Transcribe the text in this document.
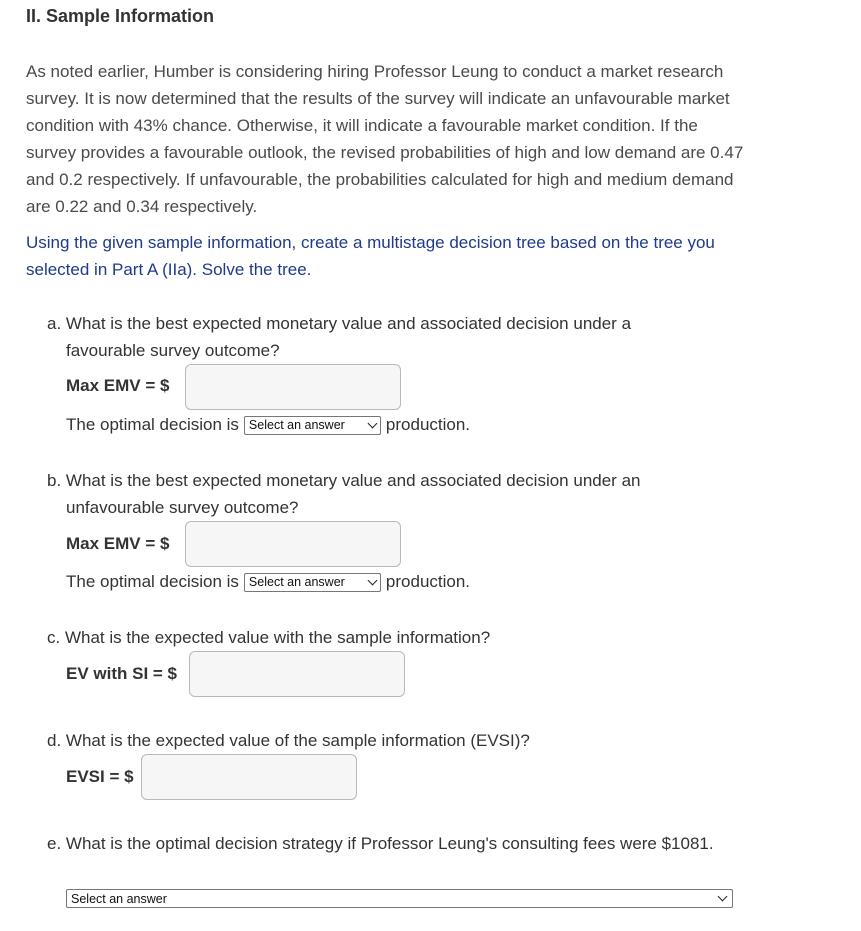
II. Sample Information
As noted earlier, Humber is considering hiring Professor Leung to conduct a market research survey. It is now determined that the results of the survey will indicate an unfavourable market condition with 43% chance. Otherwise, it will indicate a favourable market condition. If the survey provides a favourable outlook, the revised probabilities of high and low demand are 0.47 and 0.2 respectively. If unfavourable, the probabilities calculated for high and medium demand are 0.22 and 0.34 respectively.
Using the given sample information, create a multistage decision tree based on the tree you selected in Part A (IIa). Solve the tree.
a. What is the best expected monetary value and associated decision under a favourable survey outcome?
Max EMV = $
The optimal decision is Select an answer production.
b. What is the best expected monetary value and associated decision under an unfavourable survey outcome?
Max EMV = $
The optimal decision is Select an answer production.
c. What is the expected value with the sample information?
EV with SI = $
d. What is the expected value of the sample information (EVSI)?
EVSI = $
e. What is the optimal decision strategy if Professor Leung's consulting fees were $1081.
Select an answer
